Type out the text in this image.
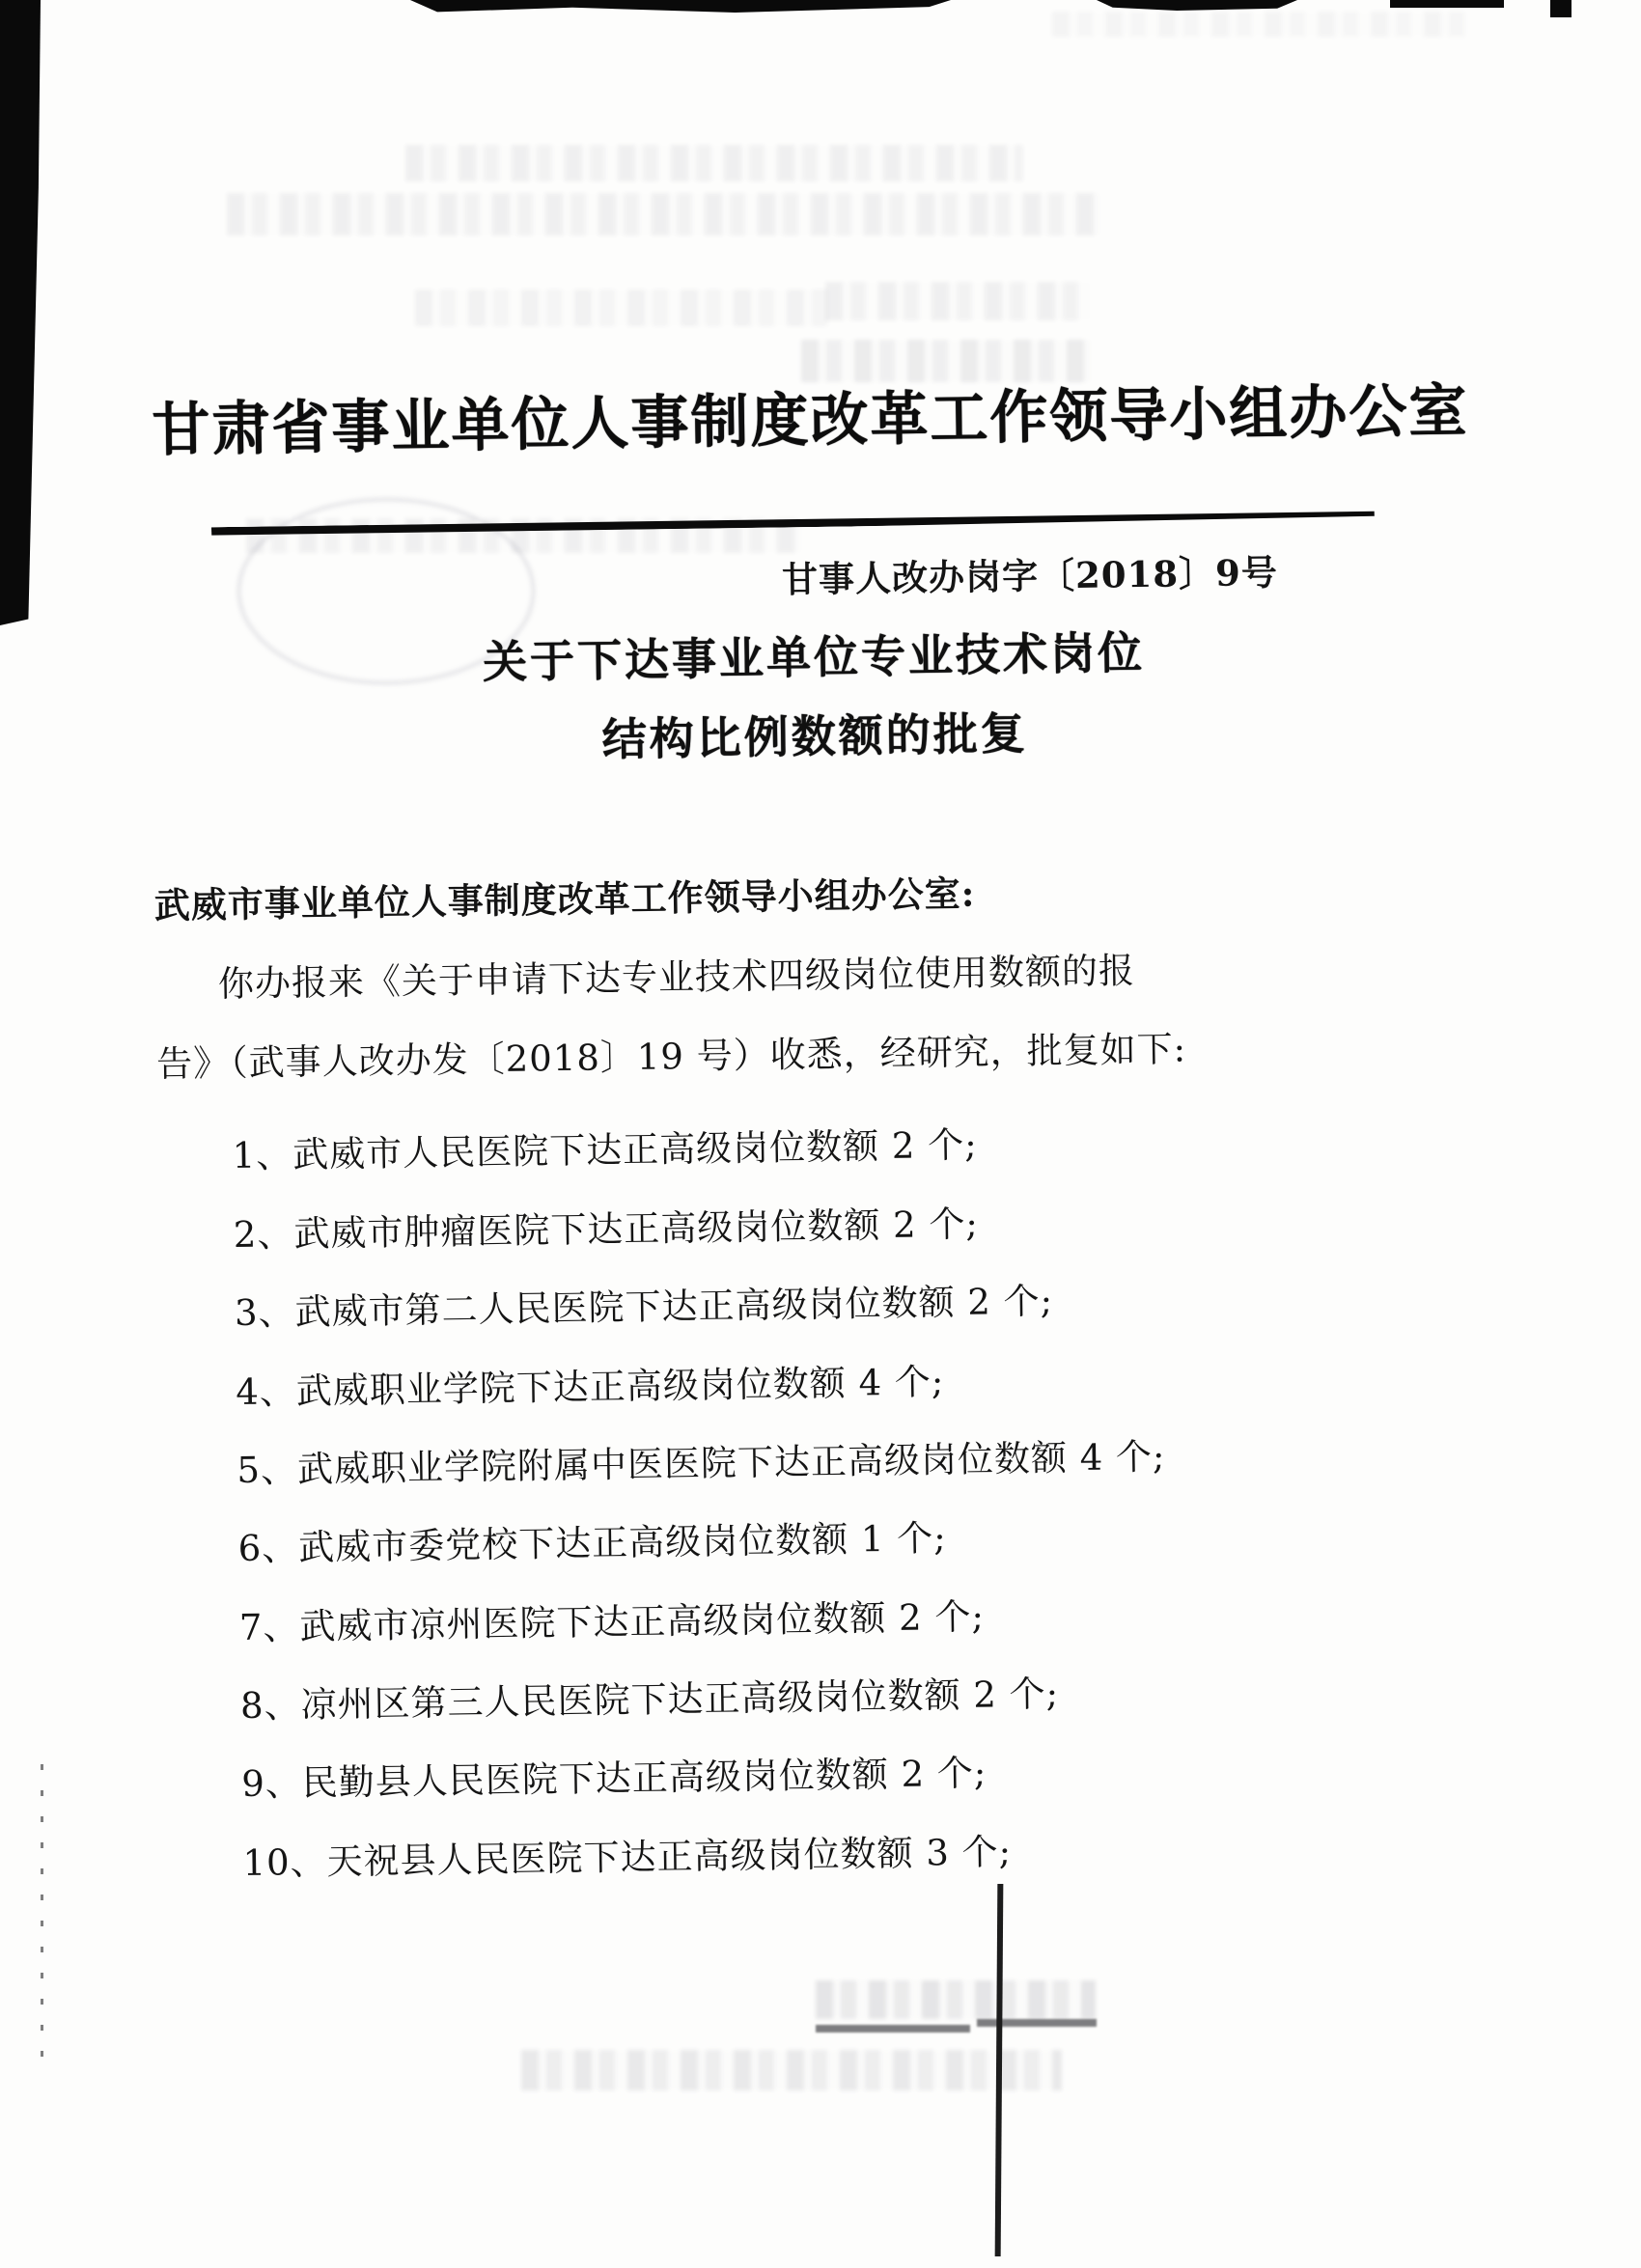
甘肃省事业单位人事制度改革工作领导小组办公室
甘事人改办岗字〔2018〕9号
关于下达事业单位专业技术岗位
结构比例数额的批复
武威市事业单位人事制度改革工作领导小组办公室:
你办报来《关于申请下达专业技术四级岗位使用数额的报
告》（武事人改办发〔2018〕19 号）收悉，经研究，批复如下:
1、武威市人民医院下达正高级岗位数额 2 个;
2、武威市肿瘤医院下达正高级岗位数额 2 个;
3、武威市第二人民医院下达正高级岗位数额 2 个;
4、武威职业学院下达正高级岗位数额 4 个;
5、武威职业学院附属中医医院下达正高级岗位数额 4 个;
6、武威市委党校下达正高级岗位数额 1 个;
7、武威市凉州医院下达正高级岗位数额 2 个;
8、凉州区第三人民医院下达正高级岗位数额 2 个;
9、民勤县人民医院下达正高级岗位数额 2 个;
10、天祝县人民医院下达正高级岗位数额 3 个;
